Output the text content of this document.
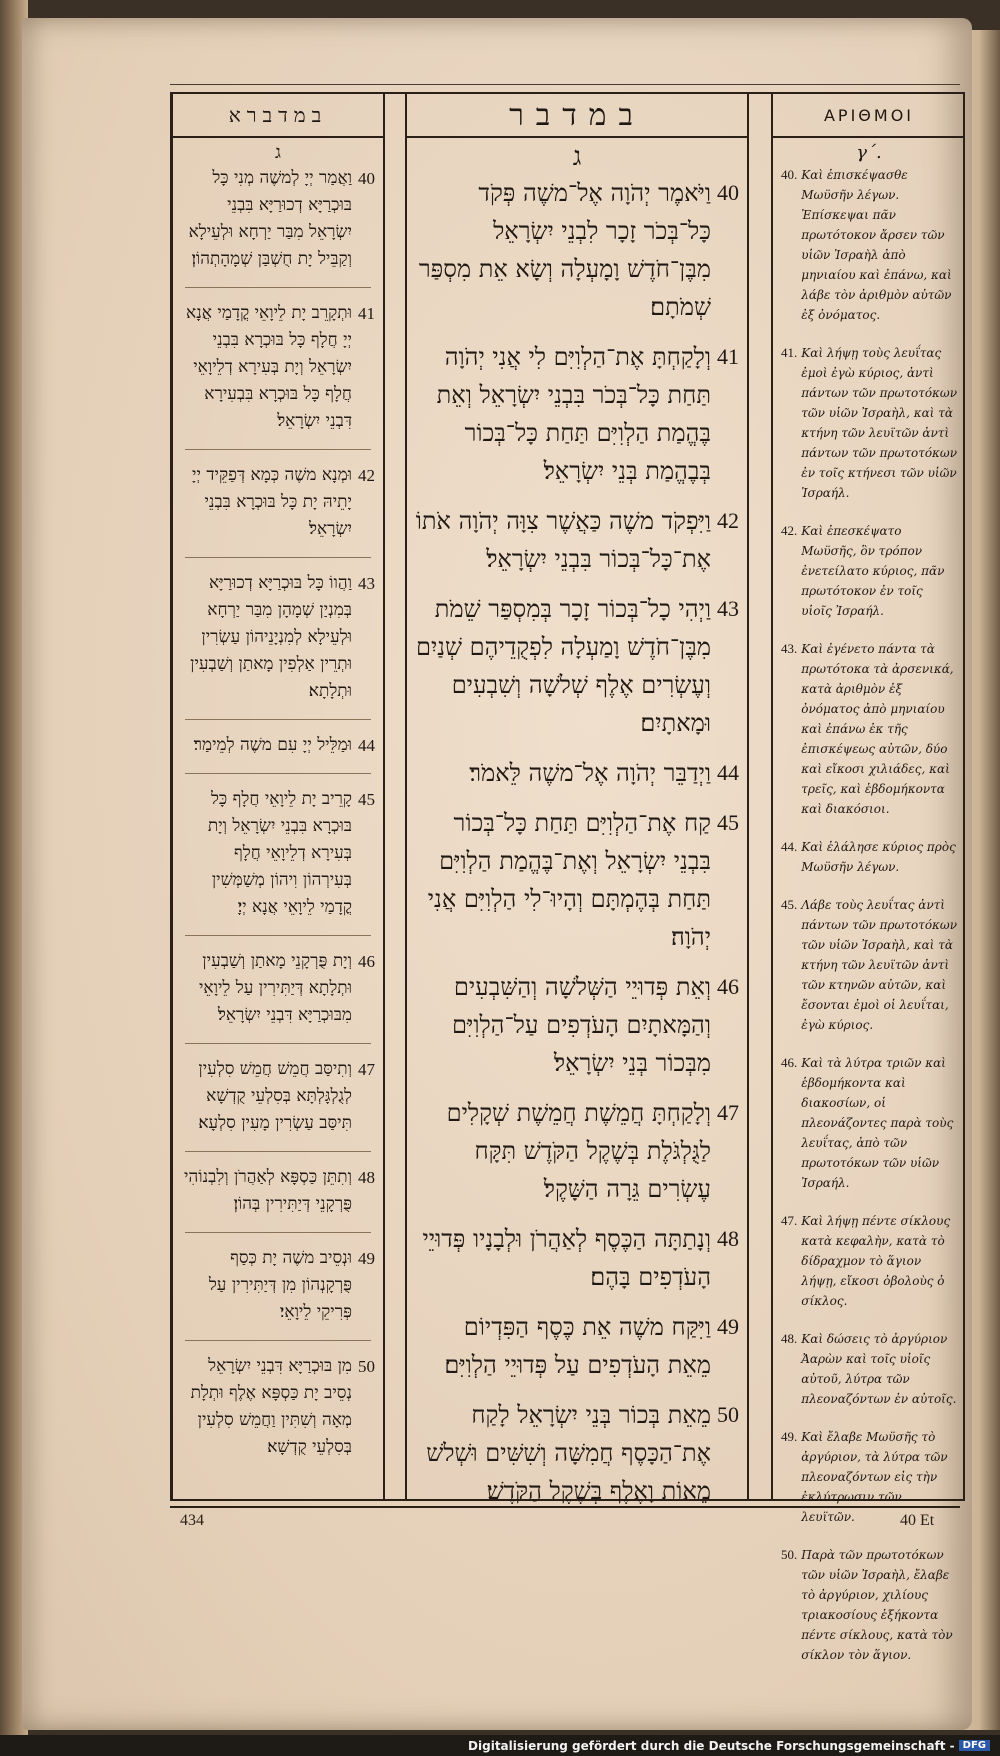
במדברא
ג
40
וַאֲמַר יְיָ לְמשֶׁה מְנִי כָּל בּוּכְרַיָּא דְכוּרַיָּא בִּבְנֵי יִשְׂרָאֵל מִבַּר יַרְחָא וּלְעֵילָא וְקַבֵּיל יָת חֻשְׁבַּן שְׁמָהָתְהוֹן׃
41
וּתְקָרֵב יָת לֵיוָאֵי קֳדָמַי אֲנָא יְיָ חֲלָף כָּל בּוּכְרָא בִּבְנֵי יִשְׂרָאֵל וְיָת בְּעִירָא דְלֵיוָאֵי חֲלָף כָּל בּוּכְרָא בִּבְעִירָא דִּבְנֵי יִשְׂרָאֵל׃
42
וּמְנָא משֶׁה כְּמָא דְּפַקֵּיד יְיָ יָתֵיהּ יָת כָּל בּוּכְרָא בִּבְנֵי יִשְׂרָאֵל׃
43
וַהֲווֹ כָּל בּוּכְרַיָּא דְכוּרַיָּא בְּמִנְיַן שְׁמָהָן מִבַּר יַרְחָא וּלְעֵילָא לְמִנְיָנֵיהוֹן עַשְׂרִין וּתְרֵין אַלְפִין מָאתַן וְשַׁבְעִין וּתְלָתָא׃
44
וּמַלֵּיל יְיָ עִם משֶׁה לְמֵימַר׃
45
קָרֵיב יָת לֵיוָאֵי חֲלָף כָּל בּוּכְרָא בִּבְנֵי יִשְׂרָאֵל וְיָת בְּעִירָא דְלֵיוָאֵי חֲלָף בְּעִירְהוֹן וִיהוֹן מְשַׁמְּשִׁין קֳדָמַי לֵיוָאֵי אֲנָא יְיָ׃
46
וְיָת פֻּרְקָנֵי מָאתַן וְשַׁבְעִין וּתְלָתָא דְּיַתִּירִין עַל לֵיוָאֵי מִבּוּכְרַיָּא דִּבְנֵי יִשְׂרָאֵל׃
47
וְתִיסַּב חֲמֵשׁ חֲמֵשׁ סִלְעִין לְגֻלְגָּלְתָּא בְּסִלְעֵי קֻדְשָׁא תִּיסַּב עַשְׂרִין מָעִין סִלְעָא׃
48
וְתִתֵּן כַּסְפָּא לְאַהֲרֹן וְלִבְנוֹהִי פֻּרְקָנֵי דְּיַתִּירִין בְּהוֹן׃
49
וּנְסֵיב משֶׁה יָת כְּסַף פֻּרְקָנְהוֹן מִן דְּיַתִּירִין עַל פְּרִיקֵי לֵיוָאֵי׃
50
מִן בּוּכְרַיָּא דִּבְנֵי יִשְׂרָאֵל נְסֵיב יָת כַּסְפָּא אֶלֶף וּתְלָת מְאָה וְשִׁתִּין וַחֲמֵשׁ סִלְעִין בְּסִלְעֵי קֻדְשָׁא׃
במדבר
ג
40
וַיֹּאמֶר יְהֹוָה אֶל־משֶׁה פְּקֹד כָּל־בְּכֹר זָכָר לִבְנֵי יִשְׂרָאֵל מִבֶּן־חֹדֶשׁ וָמָעְלָה וְשָׂא אֵת מִסְפַּר שְׁמֹתָם׃
41
וְלָקַחְתָּ אֶת־הַלְוִיִּם לִי אֲנִי יְהֹוָה תַּחַת כָּל־בְּכֹר בִּבְנֵי יִשְׂרָאֵל וְאֵת בֶּהֱמַת הַלְוִיִּם תַּחַת כָּל־בְּכוֹר בְּבֶהֱמַת בְּנֵי יִשְׂרָאֵל׃
42
וַיִּפְקֹד משֶׁה כַּאֲשֶׁר צִוָּה יְהֹוָה אֹתוֹ אֶת־כָּל־בְּכוֹר בִּבְנֵי יִשְׂרָאֵל׃
43
וַיְהִי כָל־בְּכוֹר זָכָר בְּמִסְפַּר שֵׁמֹת מִבֶּן־חֹדֶשׁ וָמַעְלָה לִפְקֻדֵיהֶם שְׁנַיִם וְעֶשְׂרִים אֶלֶף שְׁלשָׁה וְשִׁבְעִים וּמָאתָיִם׃
44
וַיְדַבֵּר יְהֹוָה אֶל־משֶׁה לֵּאמֹר׃
45
קַח אֶת־הַלְוִיִּם תַּחַת כָּל־בְּכוֹר בִּבְנֵי יִשְׂרָאֵל וְאֶת־בֶּהֱמַת הַלְוִיִּם תַּחַת בְּהֶמְתָּם וְהָיוּ־לִי הַלְוִיִּם אֲנִי יְהֹוָה׃
46
וְאֵת פְּדוּיֵי הַשְּׁלשָׁה וְהַשִּׁבְעִים וְהַמָּאתָיִם הָעֹדְפִים עַל־הַלְוִיִּם מִבְּכוֹר בְּנֵי יִשְׂרָאֵל׃
47
וְלָקַחְתָּ חֲמֵשֶׁת חֲמֵשֶׁת שְׁקָלִים לַגֻּלְגֹּלֶת בְּשֶׁקֶל הַקֹּדֶשׁ תִּקָּח עֶשְׂרִים גֵּרָה הַשָּׁקֶל׃
48
וְנָתַתָּה הַכֶּסֶף לְאַהֲרֹן וּלְבָנָיו פְּדוּיֵי הָעֹדְפִים בָּהֶם׃
49
וַיִּקַּח משֶׁה אֵת כֶּסֶף הַפִּדְיוֹם מֵאֵת הָעֹדְפִים עַל פְּדוּיֵי הַלְוִיִּם׃
50
מֵאֵת בְּכוֹר בְּנֵי יִשְׂרָאֵל לָקַח אֶת־הַכָּסֶף חֲמִשָּׁה וְשִׁשִּׁים וּשְׁלשׁ מֵאוֹת וָאֶלֶף בְּשֶׁקֶל הַקֹּדֶשׁ׃
ΑΡΙΘΜΟΙ
γ΄.
40. Καὶ ἐπισκέψασθε Μωϋσῆν λέγων. Ἐπίσκεψαι πᾶν πρωτότοκον ἄρσεν τῶν υἱῶν Ἰσραὴλ ἀπὸ μηνιαίου καὶ ἐπάνω, καὶ λάβε τὸν ἀριθμὸν αὐτῶν ἐξ ὀνόματος.
41. Καὶ λήψῃ τοὺς λευΐτας ἐμοὶ ἐγὼ κύριος, ἀντὶ πάντων τῶν πρωτοτόκων τῶν υἱῶν Ἰσραὴλ, καὶ τὰ κτήνη τῶν λευϊτῶν ἀντὶ πάντων τῶν πρωτοτόκων ἐν τοῖς κτήνεσι τῶν υἱῶν Ἰσραήλ.
42. Καὶ ἐπεσκέψατο Μωϋσῆς, ὃν τρόπον ἐνετείλατο κύριος, πᾶν πρωτότοκον ἐν τοῖς υἱοῖς Ἰσραήλ.
43. Καὶ ἐγένετο πάντα τὰ πρωτότοκα τὰ ἀρσενικά, κατὰ ἀριθμὸν ἐξ ὀνόματος ἀπὸ μηνιαίου καὶ ἐπάνω ἐκ τῆς ἐπισκέψεως αὐτῶν, δύο καὶ εἴκοσι χιλιάδες, καὶ τρεῖς, καὶ ἑβδομήκοντα καὶ διακόσιοι.
44. Καὶ ἐλάλησε κύριος πρὸς Μωϋσῆν λέγων.
45. Λάβε τοὺς λευΐτας ἀντὶ πάντων τῶν πρωτοτόκων τῶν υἱῶν Ἰσραὴλ, καὶ τὰ κτήνη τῶν λευϊτῶν ἀντὶ τῶν κτηνῶν αὐτῶν, καὶ ἔσονται ἐμοὶ οἱ λευΐται, ἐγὼ κύριος.
46. Καὶ τὰ λύτρα τριῶν καὶ ἑβδομήκοντα καὶ διακοσίων, οἱ πλεονάζοντες παρὰ τοὺς λευΐτας, ἀπὸ τῶν πρωτοτόκων τῶν υἱῶν Ἰσραήλ.
47. Καὶ λήψῃ πέντε σίκλους κατὰ κεφαλὴν, κατὰ τὸ δίδραχμον τὸ ἅγιον λήψῃ, εἴκοσι ὀβολοὺς ὁ σίκλος.
48. Καὶ δώσεις τὸ ἀργύριον Ἀαρὼν καὶ τοῖς υἱοῖς αὐτοῦ, λύτρα τῶν πλεοναζόντων ἐν αὐτοῖς.
49. Καὶ ἔλαβε Μωϋσῆς τὸ ἀργύριον, τὰ λύτρα τῶν πλεοναζόντων εἰς τὴν ἐκλύτρωσιν τῶν λευϊτῶν.
50. Παρὰ τῶν πρωτοτόκων τῶν υἱῶν Ἰσραὴλ, ἔλαβε τὸ ἀργύριον, χιλίους τριακοσίους ἑξήκοντα πέντε σίκλους, κατὰ τὸν σίκλον τὸν ἅγιον.
434	40 Et
Digitalisierung gefördert durch die Deutsche Forschungsgemeinschaft - DFG
